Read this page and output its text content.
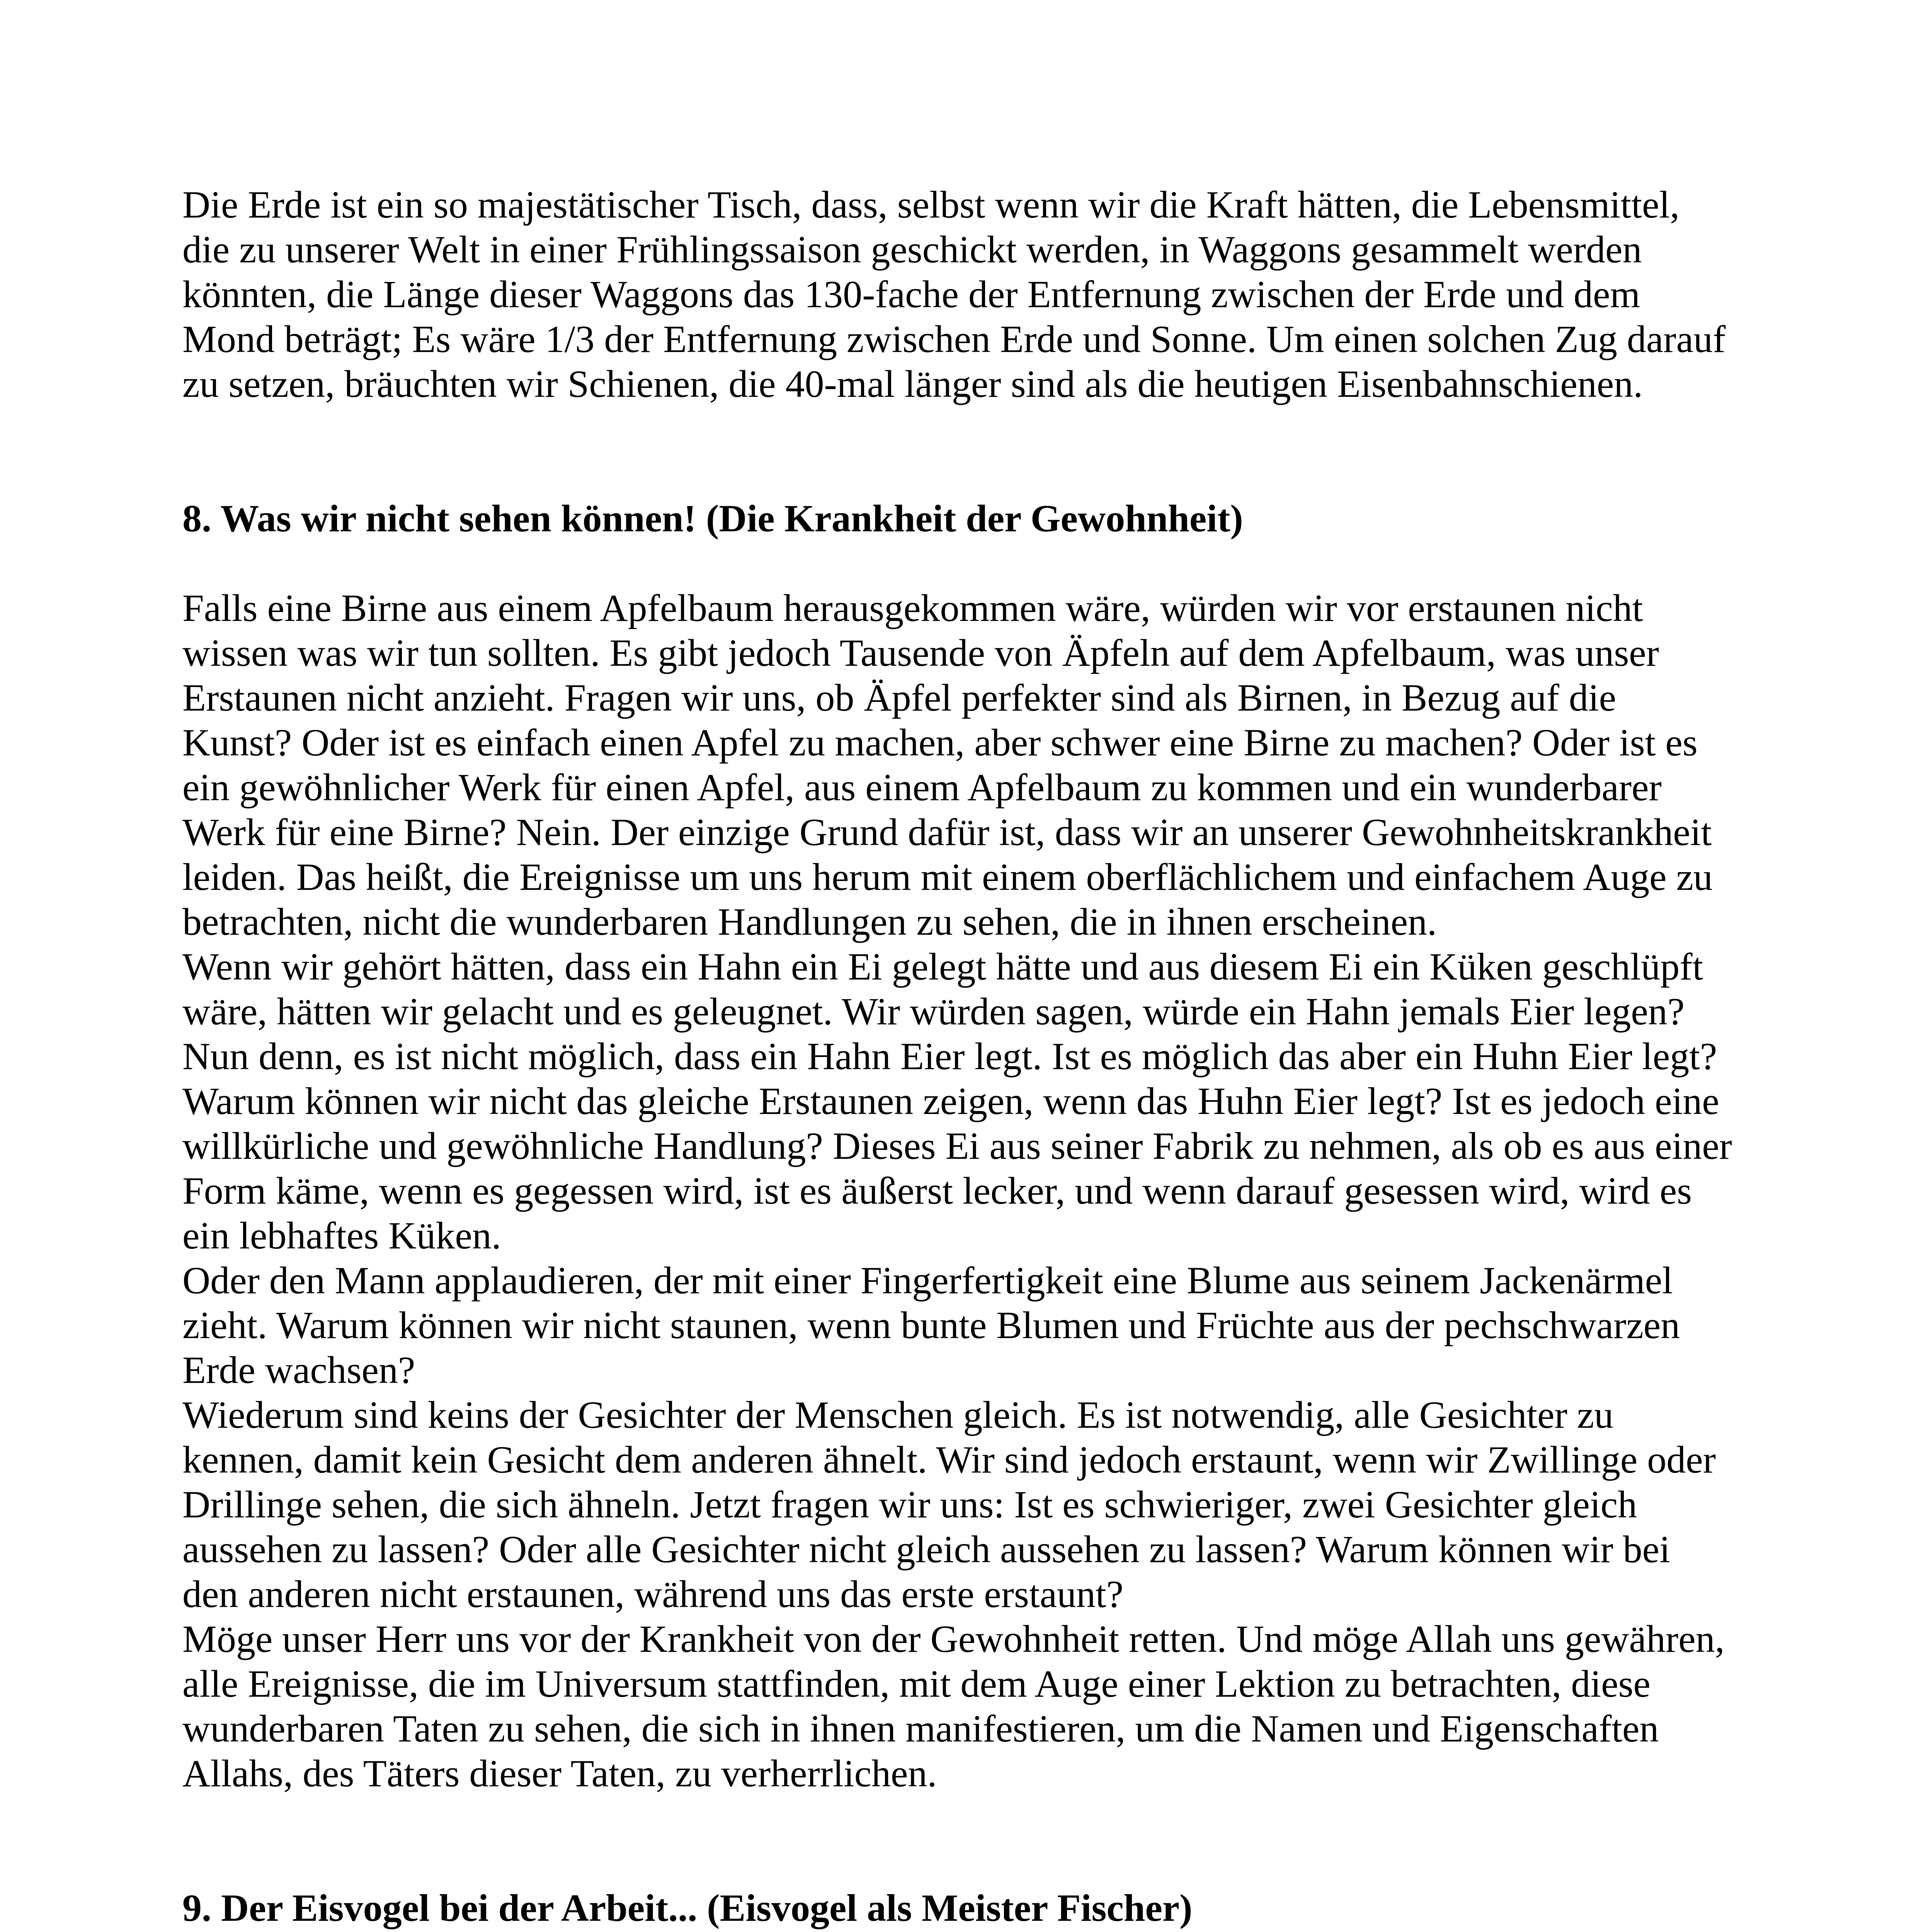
Die Erde ist ein so majestätischer Tisch, dass, selbst wenn wir die Kraft hätten, die Lebensmittel,
die zu unserer Welt in einer Frühlingssaison geschickt werden, in Waggons gesammelt werden
könnten, die Länge dieser Waggons das 130-fache der Entfernung zwischen der Erde und dem
Mond beträgt; Es wäre 1/3 der Entfernung zwischen Erde und Sonne. Um einen solchen Zug darauf
zu setzen, bräuchten wir Schienen, die 40-mal länger sind als die heutigen Eisenbahnschienen.
8. Was wir nicht sehen können! (Die Krankheit der Gewohnheit)
Falls eine Birne aus einem Apfelbaum herausgekommen wäre, würden wir vor erstaunen nicht
wissen was wir tun sollten. Es gibt jedoch Tausende von Äpfeln auf dem Apfelbaum, was unser
Erstaunen nicht anzieht. Fragen wir uns, ob Äpfel perfekter sind als Birnen, in Bezug auf die
Kunst? Oder ist es einfach einen Apfel zu machen, aber schwer eine Birne zu machen? Oder ist es
ein gewöhnlicher Werk für einen Apfel, aus einem Apfelbaum zu kommen und ein wunderbarer
Werk für eine Birne? Nein. Der einzige Grund dafür ist, dass wir an unserer Gewohnheitskrankheit
leiden. Das heißt, die Ereignisse um uns herum mit einem oberflächlichem und einfachem Auge zu
betrachten, nicht die wunderbaren Handlungen zu sehen, die in ihnen erscheinen.
Wenn wir gehört hätten, dass ein Hahn ein Ei gelegt hätte und aus diesem Ei ein Küken geschlüpft
wäre, hätten wir gelacht und es geleugnet. Wir würden sagen, würde ein Hahn jemals Eier legen?
Nun denn, es ist nicht möglich, dass ein Hahn Eier legt. Ist es möglich das aber ein Huhn Eier legt?
Warum können wir nicht das gleiche Erstaunen zeigen, wenn das Huhn Eier legt? Ist es jedoch eine
willkürliche und gewöhnliche Handlung? Dieses Ei aus seiner Fabrik zu nehmen, als ob es aus einer
Form käme, wenn es gegessen wird, ist es äußerst lecker, und wenn darauf gesessen wird, wird es
ein lebhaftes Küken.
Oder den Mann applaudieren, der mit einer Fingerfertigkeit eine Blume aus seinem Jackenärmel
zieht. Warum können wir nicht staunen, wenn bunte Blumen und Früchte aus der pechschwarzen
Erde wachsen?
Wiederum sind keins der Gesichter der Menschen gleich. Es ist notwendig, alle Gesichter zu
kennen, damit kein Gesicht dem anderen ähnelt. Wir sind jedoch erstaunt, wenn wir Zwillinge oder
Drillinge sehen, die sich ähneln. Jetzt fragen wir uns: Ist es schwieriger, zwei Gesichter gleich
aussehen zu lassen? Oder alle Gesichter nicht gleich aussehen zu lassen? Warum können wir bei
den anderen nicht erstaunen, während uns das erste erstaunt?
Möge unser Herr uns vor der Krankheit von der Gewohnheit retten. Und möge Allah uns gewähren,
alle Ereignisse, die im Universum stattfinden, mit dem Auge einer Lektion zu betrachten, diese
wunderbaren Taten zu sehen, die sich in ihnen manifestieren, um die Namen und Eigenschaften
Allahs, des Täters dieser Taten, zu verherrlichen.
9. Der Eisvogel bei der Arbeit... (Eisvogel als Meister Fischer)
